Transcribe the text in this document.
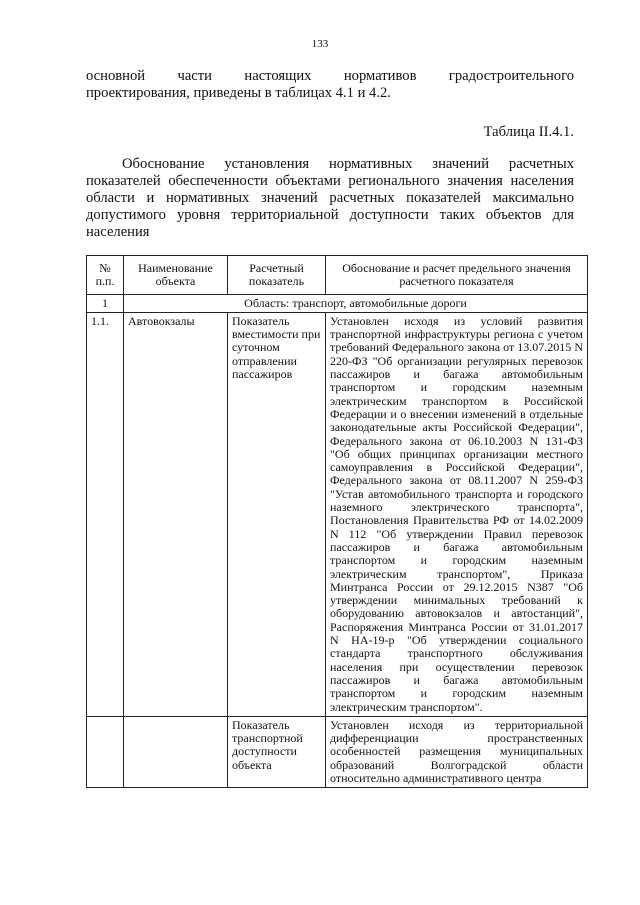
133
основной части настоящих нормативов градостроительного
проектирования, приведены в таблицах 4.1 и 4.2.
Таблица II.4.1.
Обоснование установления нормативных значений расчетных показателей обеспеченности объектами регионального значения населения области и нормативных значений расчетных показателей максимально допустимого уровня территориальной доступности таких объектов для населения
№ п.п.	Наименование объекта	Расчетный показатель	Обоснование и расчет предельного значения расчетного показателя
1	Область: транспорт, автомобильные дороги		
1.1.	Автовокзалы	Показатель вместимости при суточном отправлении пассажиров	Установлен исходя из условий развития транспортной инфраструктуры региона с учетом требований Федерального закона от 13.07.2015 N 220-ФЗ "Об организации регулярных перевозок пассажиров и багажа автомобильным транспортом и городским наземным электрическим транспортом в Российской Федерации и о внесении изменений в отдельные законодательные акты Российской Федерации", Федерального закона от 06.10.2003 N 131-ФЗ "Об общих принципах организации местного самоуправления в Российской Федерации", Федерального закона от 08.11.2007 N 259-ФЗ "Устав автомобильного транспорта и городского наземного электрического транспорта", Постановления Правительства РФ от 14.02.2009 N 112 "Об утверждении Правил перевозок пассажиров и багажа автомобильным транспортом и городским наземным электрическим транспортом", Приказа Минтранса России от 29.12.2015 N387 "Об утверждении минимальных требований к оборудованию автовокзалов и автостанций", Распоряжения Минтранса России от 31.01.2017 N НА-19-р "Об утверждении социального стандарта транспортного обслуживания населения при осуществлении перевозок пассажиров и багажа автомобильным транспортом и городским наземным электрическим транспортом".
		Показатель транспортной доступности объекта	Установлен исходя из территориальной дифференциации пространственных особенностей размещения муниципальных образований Волгоградской области относительно административного центра
